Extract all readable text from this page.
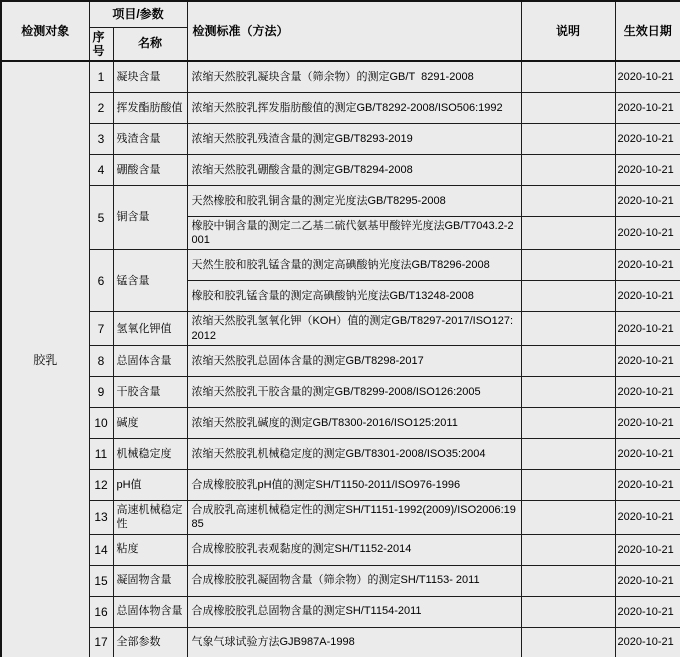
检测对象	项目/参数		检测标准（方法）	说明	生效日期
	序号	名称			
胶乳	1	凝块含量	浓缩天然胶乳凝块含量（筛余物）的测定GB/T  8291-2008		2020-10-21
	2	挥发酯肪酸值	浓缩天然胶乳挥发脂肪酸值的测定GB/T8292-2008/ISO506:1992		2020-10-21
	3	残渣含量	浓缩天然胶乳残渣含量的测定GB/T8293-2019		2020-10-21
	4	硼酸含量	浓缩天然胶乳硼酸含量的测定GB/T8294-2008		2020-10-21
	5	铜含量	天然橡胶和胶乳铜含量的测定光度法GB/T8295-2008		2020-10-21
			橡胶中铜含量的测定二乙基二硫代氨基甲酸锌光度法GB/T7043.2-2001		2020-10-21
	6	锰含量	天然生胶和胶乳锰含量的测定高碘酸钠光度法GB/T8296-2008		2020-10-21
			橡胶和胶乳锰含量的测定高碘酸钠光度法GB/T13248-2008		2020-10-21
	7	氢氧化钾值	浓缩天然胶乳氢氧化钾（KOH）值的测定GB/T8297-2017/ISO127: 2012		2020-10-21
	8	总固体含量	浓缩天然胶乳总固体含量的测定GB/T8298-2017		2020-10-21
	9	干胶含量	浓缩天然胶乳干胶含量的测定GB/T8299-2008/ISO126:2005		2020-10-21
	10	碱度	浓缩天然胶乳碱度的测定GB/T8300-2016/ISO125:2011		2020-10-21
	11	机械稳定度	浓缩天然胶乳机械稳定度的测定GB/T8301-2008/ISO35:2004		2020-10-21
	12	pH值	合成橡胶胶乳pH值的测定SH/T1150-2011/ISO976-1996		2020-10-21
	13	高速机械稳定性	合成胶乳高速机械稳定性的测定SH/T1151-1992(2009)/ISO2006:1985		2020-10-21
	14	粘度	合成橡胶胶乳表观黏度的测定SH/T1152-2014		2020-10-21
	15	凝固物含量	合成橡胶胶乳凝固物含量（筛余物）的测定SH/T1153- 2011		2020-10-21
	16	总固体物含量	合成橡胶胶乳总固物含量的测定SH/T1154-2011		2020-10-21
	17	全部参数	气象气球试验方法GJB987A-1998		2020-10-21
